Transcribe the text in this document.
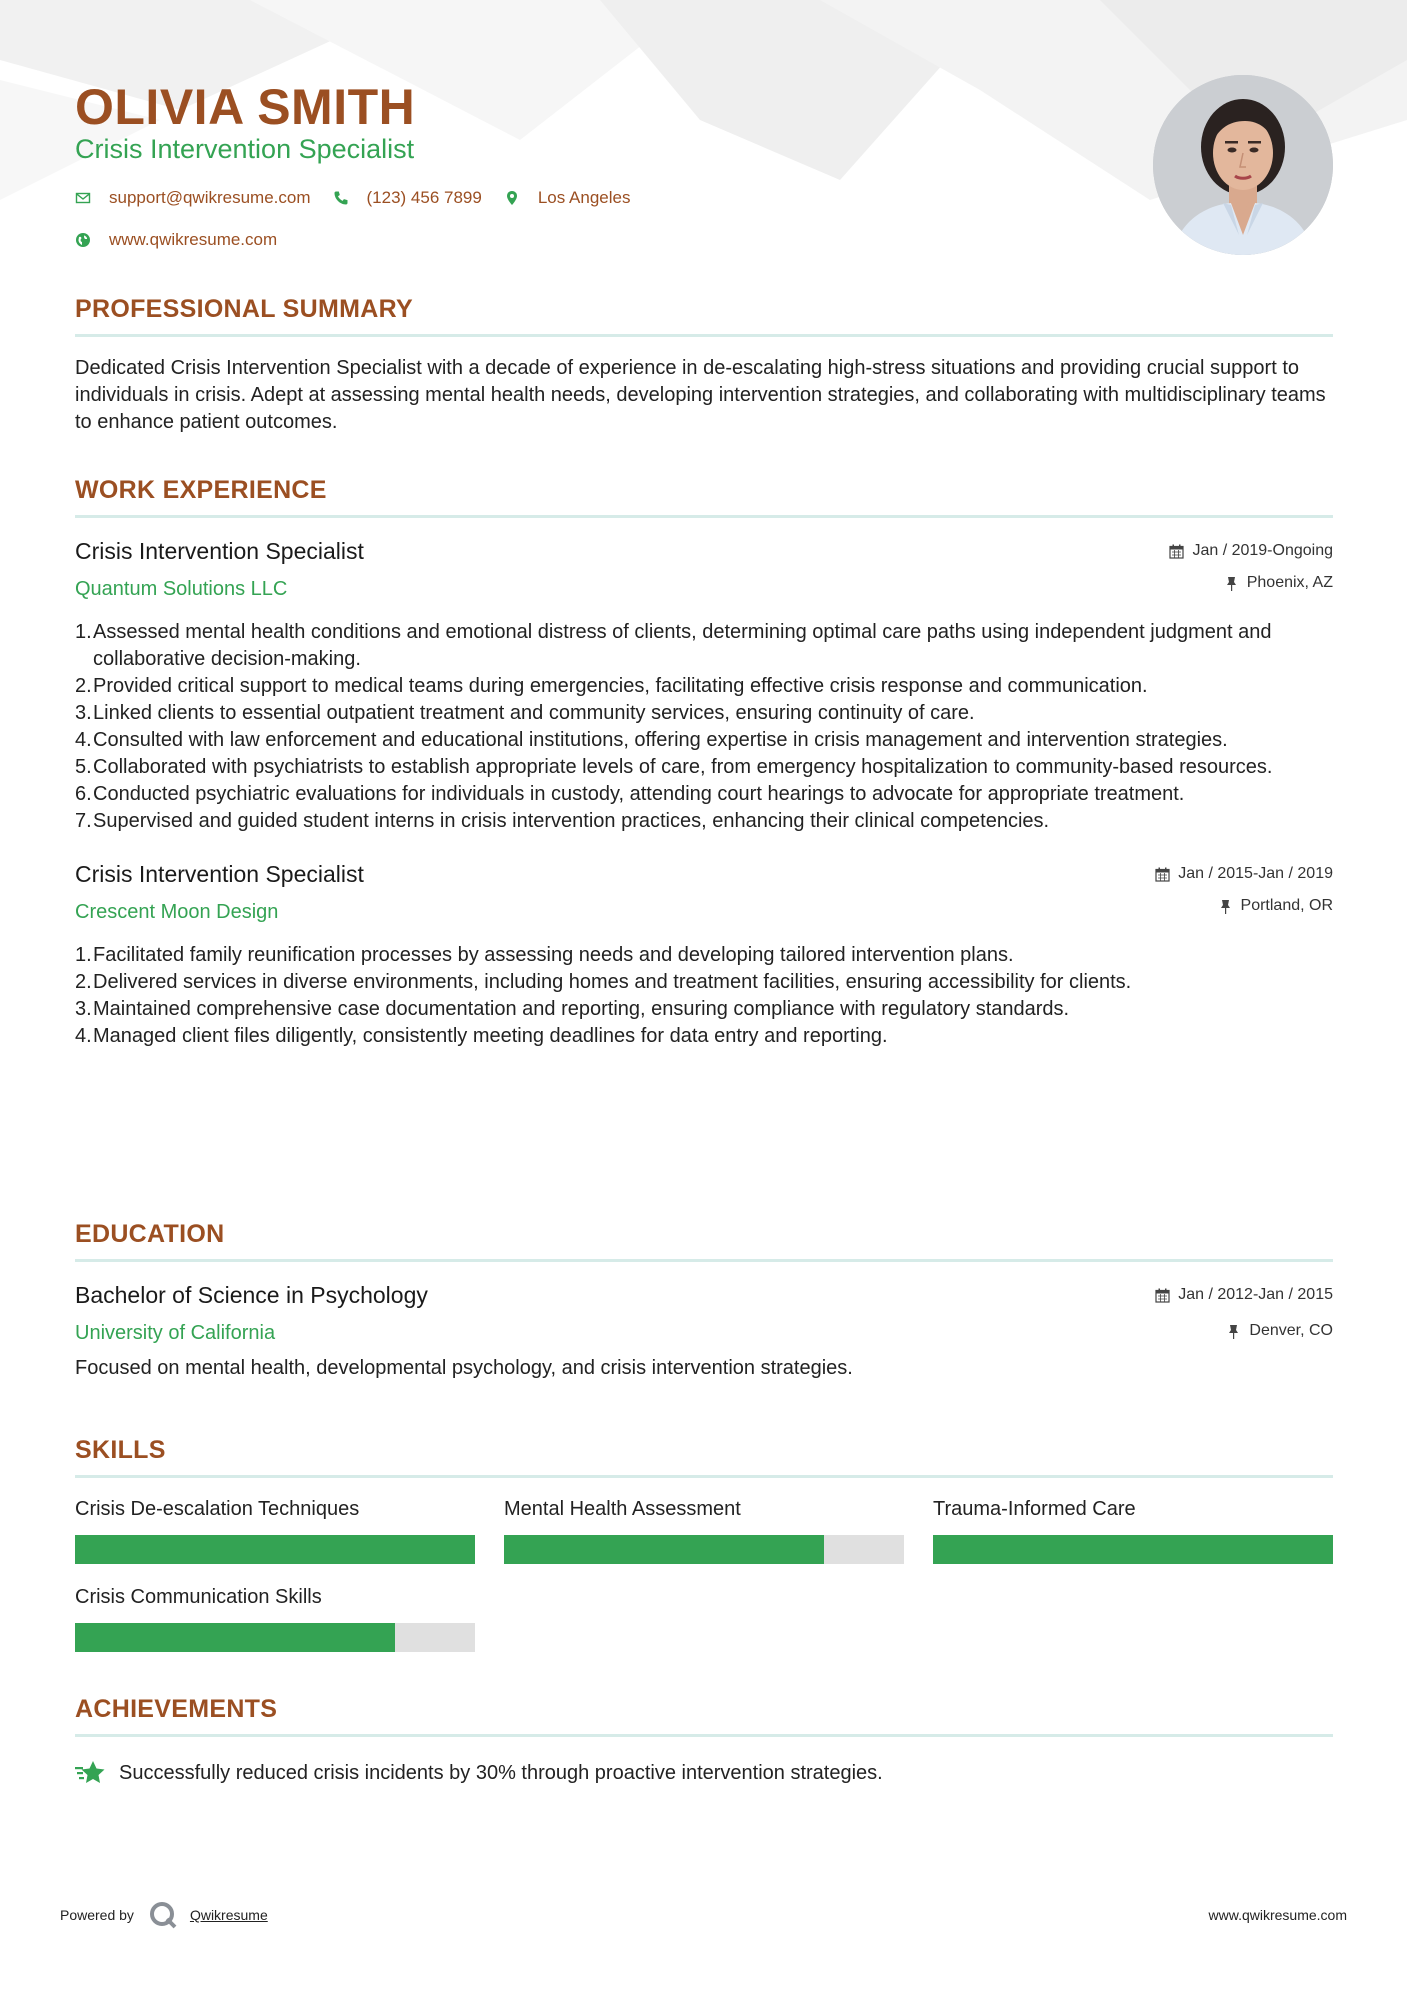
OLIVIA SMITH
Crisis Intervention Specialist
support@qwikresume.com	(123) 456 7899	Los Angeles
www.qwikresume.com
PROFESSIONAL SUMMARY
Dedicated Crisis Intervention Specialist with a decade of experience in de-escalating high-stress situations and providing crucial support to individuals in crisis. Adept at assessing mental health needs, developing intervention strategies, and collaborating with multidisciplinary teams to enhance patient outcomes.
WORK EXPERIENCE
Crisis Intervention Specialist
Quantum Solutions LLC
Jan / 2019-Ongoing
Phoenix, AZ
1. Assessed mental health conditions and emotional distress of clients, determining optimal care paths using independent judgment and collaborative decision-making.
2. Provided critical support to medical teams during emergencies, facilitating effective crisis response and communication.
3. Linked clients to essential outpatient treatment and community services, ensuring continuity of care.
4. Consulted with law enforcement and educational institutions, offering expertise in crisis management and intervention strategies.
5. Collaborated with psychiatrists to establish appropriate levels of care, from emergency hospitalization to community-based resources.
6. Conducted psychiatric evaluations for individuals in custody, attending court hearings to advocate for appropriate treatment.
7. Supervised and guided student interns in crisis intervention practices, enhancing their clinical competencies.
Crisis Intervention Specialist
Crescent Moon Design
Jan / 2015-Jan / 2019
Portland, OR
1. Facilitated family reunification processes by assessing needs and developing tailored intervention plans.
2. Delivered services in diverse environments, including homes and treatment facilities, ensuring accessibility for clients.
3. Maintained comprehensive case documentation and reporting, ensuring compliance with regulatory standards.
4. Managed client files diligently, consistently meeting deadlines for data entry and reporting.
EDUCATION
Bachelor of Science in Psychology
University of California
Jan / 2012-Jan / 2015
Denver, CO
Focused on mental health, developmental psychology, and crisis intervention strategies.
SKILLS
Crisis De-escalation Techniques	Mental Health Assessment	Trauma-Informed Care
Crisis Communication Skills
ACHIEVEMENTS
Successfully reduced crisis incidents by 30% through proactive intervention strategies.
Powered by	Qwikresume	www.qwikresume.com
